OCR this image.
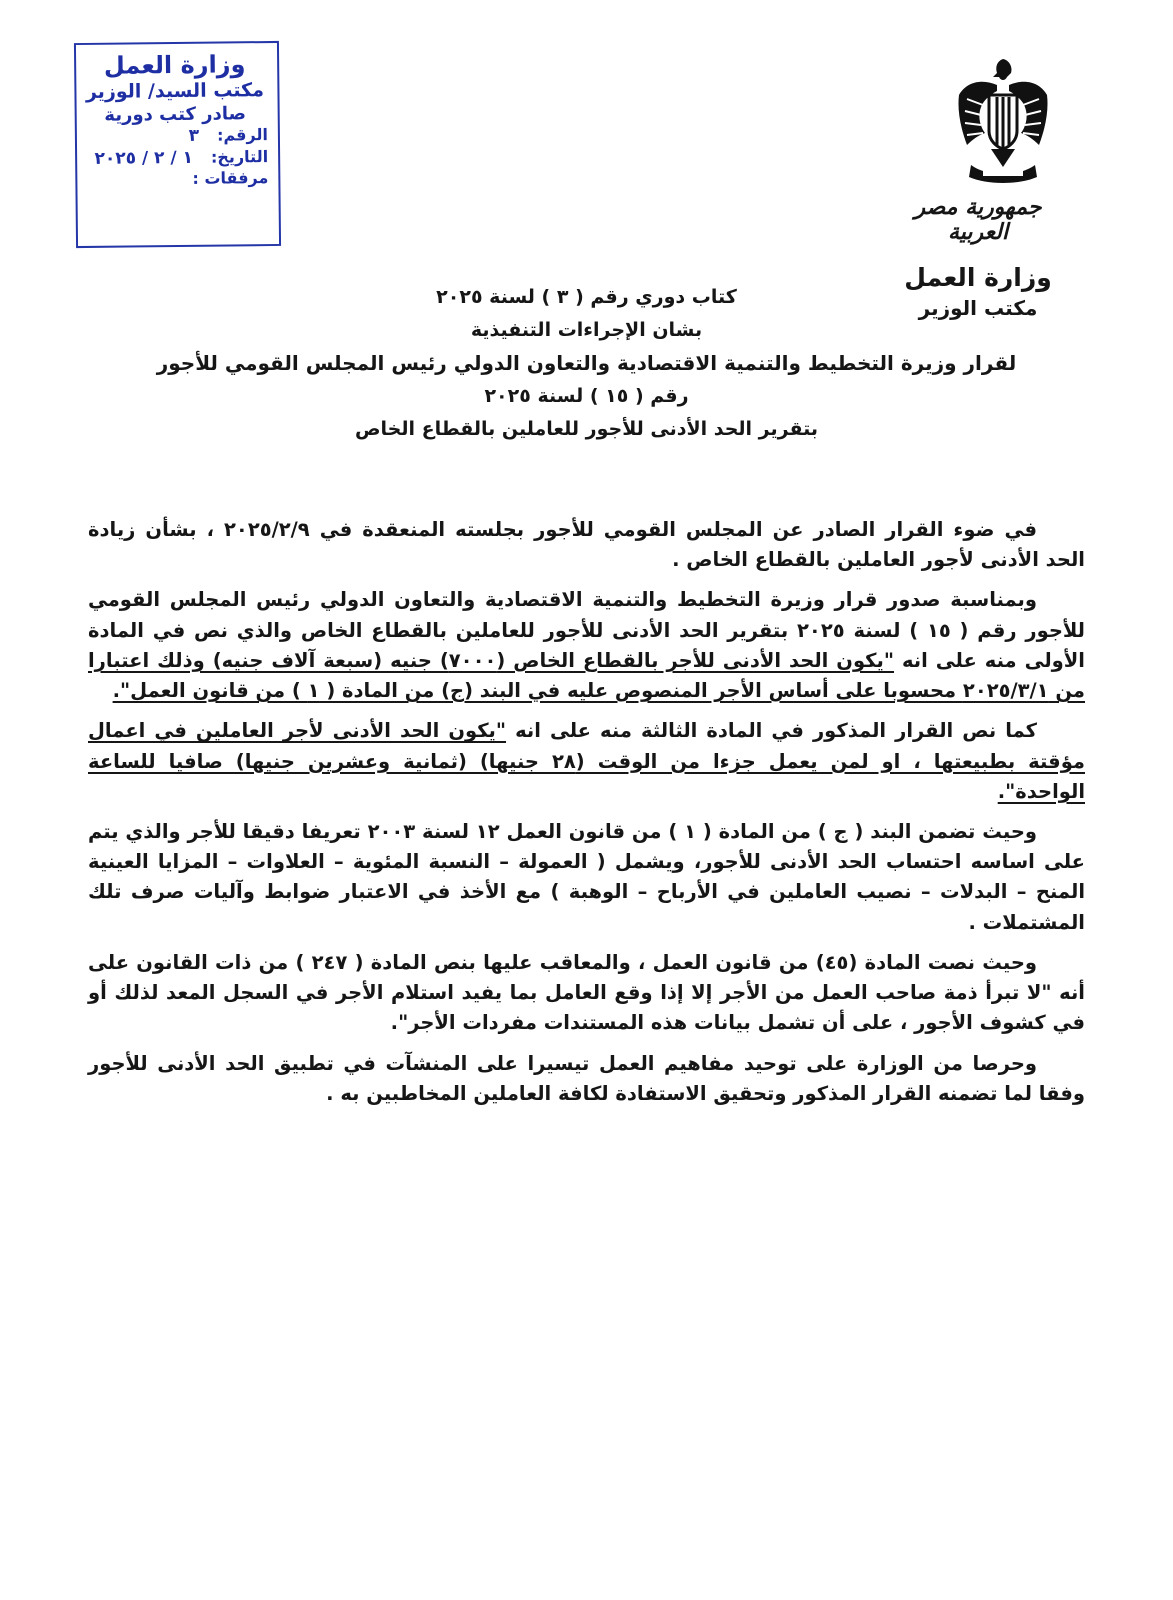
جمهورية مصر العربية
وزارة العمل
مكتب الوزير
وزارة العمل
مكتب السيد/ الوزير
صادر كتب دورية
الرقم:
٣
التاريخ:
١ / ٢ / ٢٠٢٥
مرفقات :
كتاب دوري رقم ( ٣ ) لسنة ٢٠٢٥
بشان الإجراءات التنفيذية
لقرار وزيرة التخطيط والتنمية الاقتصادية والتعاون الدولي رئيس المجلس القومي للأجور
رقم ( ١٥ ) لسنة ٢٠٢٥
بتقرير الحد الأدنى للأجور للعاملين بالقطاع الخاص

في ضوء القرار الصادر عن المجلس القومي للأجور بجلسته المنعقدة في ٢٠٢٥/٢/٩ ، بشأن زيادة الحد الأدنى لأجور العاملين بالقطاع الخاص .

وبمناسبة صدور قرار وزيرة التخطيط والتنمية الاقتصادية والتعاون الدولي رئيس المجلس القومي للأجور رقم ( ١٥ ) لسنة ٢٠٢٥ بتقرير الحد الأدنى للأجور للعاملين بالقطاع الخاص والذي نص في المادة الأولى منه على انه "يكون الحد الأدنى للأجر بالقطاع الخاص (٧٠٠٠) جنيه (سبعة آلاف جنيه) وذلك اعتبارا من ٢٠٢٥/٣/١ محسوبا على أساس الأجر المنصوص عليه في البند (ج) من المادة ( ١ ) من قانون العمل".

كما نص القرار المذكور في المادة الثالثة منه على انه "يكون الحد الأدنى لأجر العاملين في اعمال مؤقتة بطبيعتها ، او لمن يعمل جزءا من الوقت (٢٨ جنيها) (ثمانية وعشرين جنيها) صافيا للساعة الواحدة".

وحيث تضمن البند ( ج ) من المادة ( ١ ) من قانون العمل ١٢ لسنة ٢٠٠٣ تعريفا دقيقا للأجر والذي يتم على اساسه احتساب الحد الأدنى للأجور، ويشمل ( العمولة – النسبة المئوية – العلاوات – المزايا العينية المنح – البدلات – نصيب العاملين في الأرباح – الوهبة ) مع الأخذ في الاعتبار ضوابط وآليات صرف تلك المشتملات .

وحيث نصت المادة (٤٥) من قانون العمل ، والمعاقب عليها بنص المادة ( ٢٤٧ ) من ذات القانون على أنه "لا تبرأ ذمة صاحب العمل من الأجر إلا إذا وقع العامل بما يفيد استلام الأجر في السجل المعد لذلك أو في كشوف الأجور ، على أن تشمل بيانات هذه المستندات مفردات الأجر".

وحرصا من الوزارة على توحيد مفاهيم العمل تيسيرا على المنشآت في تطبيق الحد الأدنى للأجور وفقا لما تضمنه القرار المذكور وتحقيق الاستفادة لكافة العاملين المخاطبين به .
